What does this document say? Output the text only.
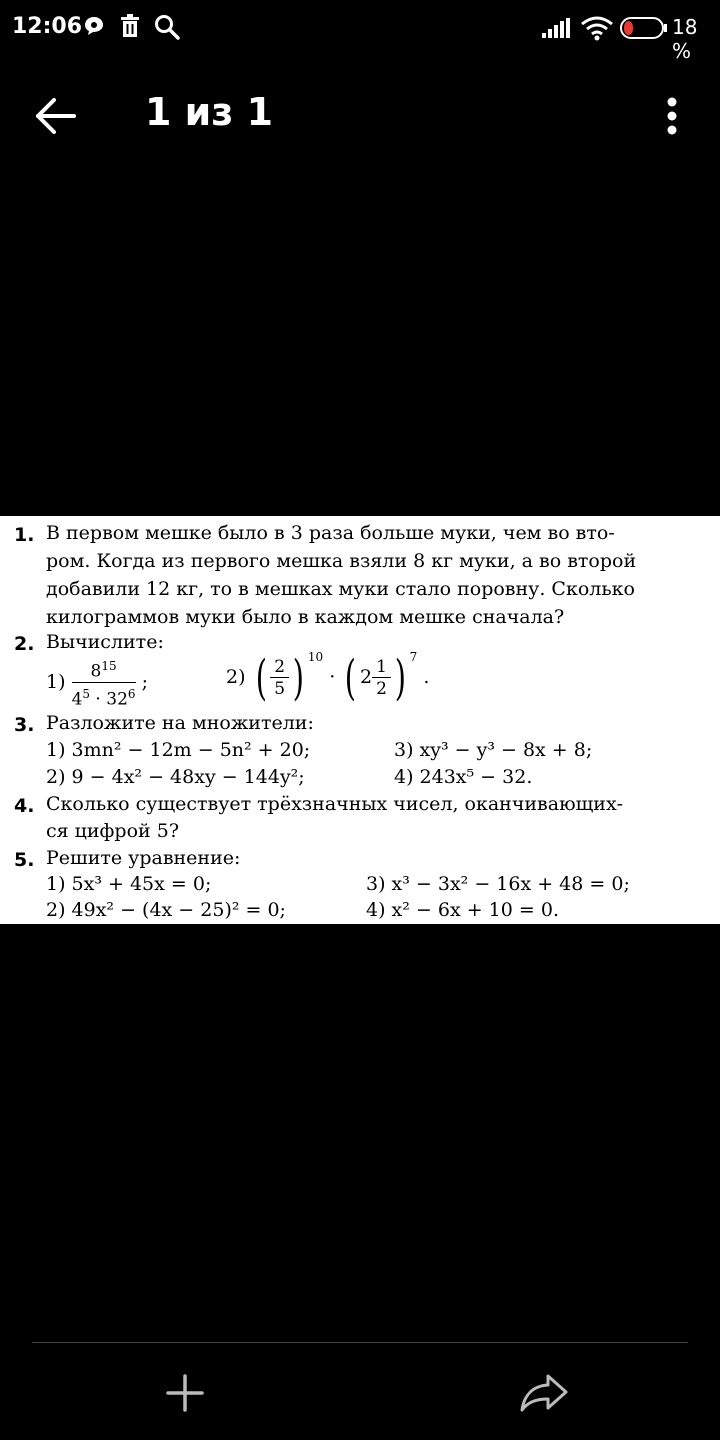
12:06	18 %
1 из 1
1. В первом мешке было в 3 раза больше муки, чем во вто-
ром. Когда из первого мешка взяли 8 кг муки, а во второй
добавили 12 кг, то в мешках муки стало поровну. Сколько
килограммов муки было в каждом мешке сначала?
2. Вычислите:
$1) \frac{8^{15}}{4^5 \cdot 32^6}$ ;	2) ( $\frac{2}{5}$ ) $^{10}$ · ( $2 \frac{1}{2}$ ) $^7$ .
3. Разложите на множители:
1) 3mn² − 12m − 5n² + 20;	3) xy³ − y³ − 8x + 8;
2) 9 − 4x² − 48xy − 144y²;	4) 243x⁵ − 32.
4. Сколько существует трёхзначных чисел, оканчивающих-
ся цифрой 5?
5. Решите уравнение:
1) 5x³ + 45x = 0;	3) x³ − 3x² − 16x + 48 = 0;
2) 49x² − (4x − 25)² = 0;	4) x² − 6x + 10 = 0.
